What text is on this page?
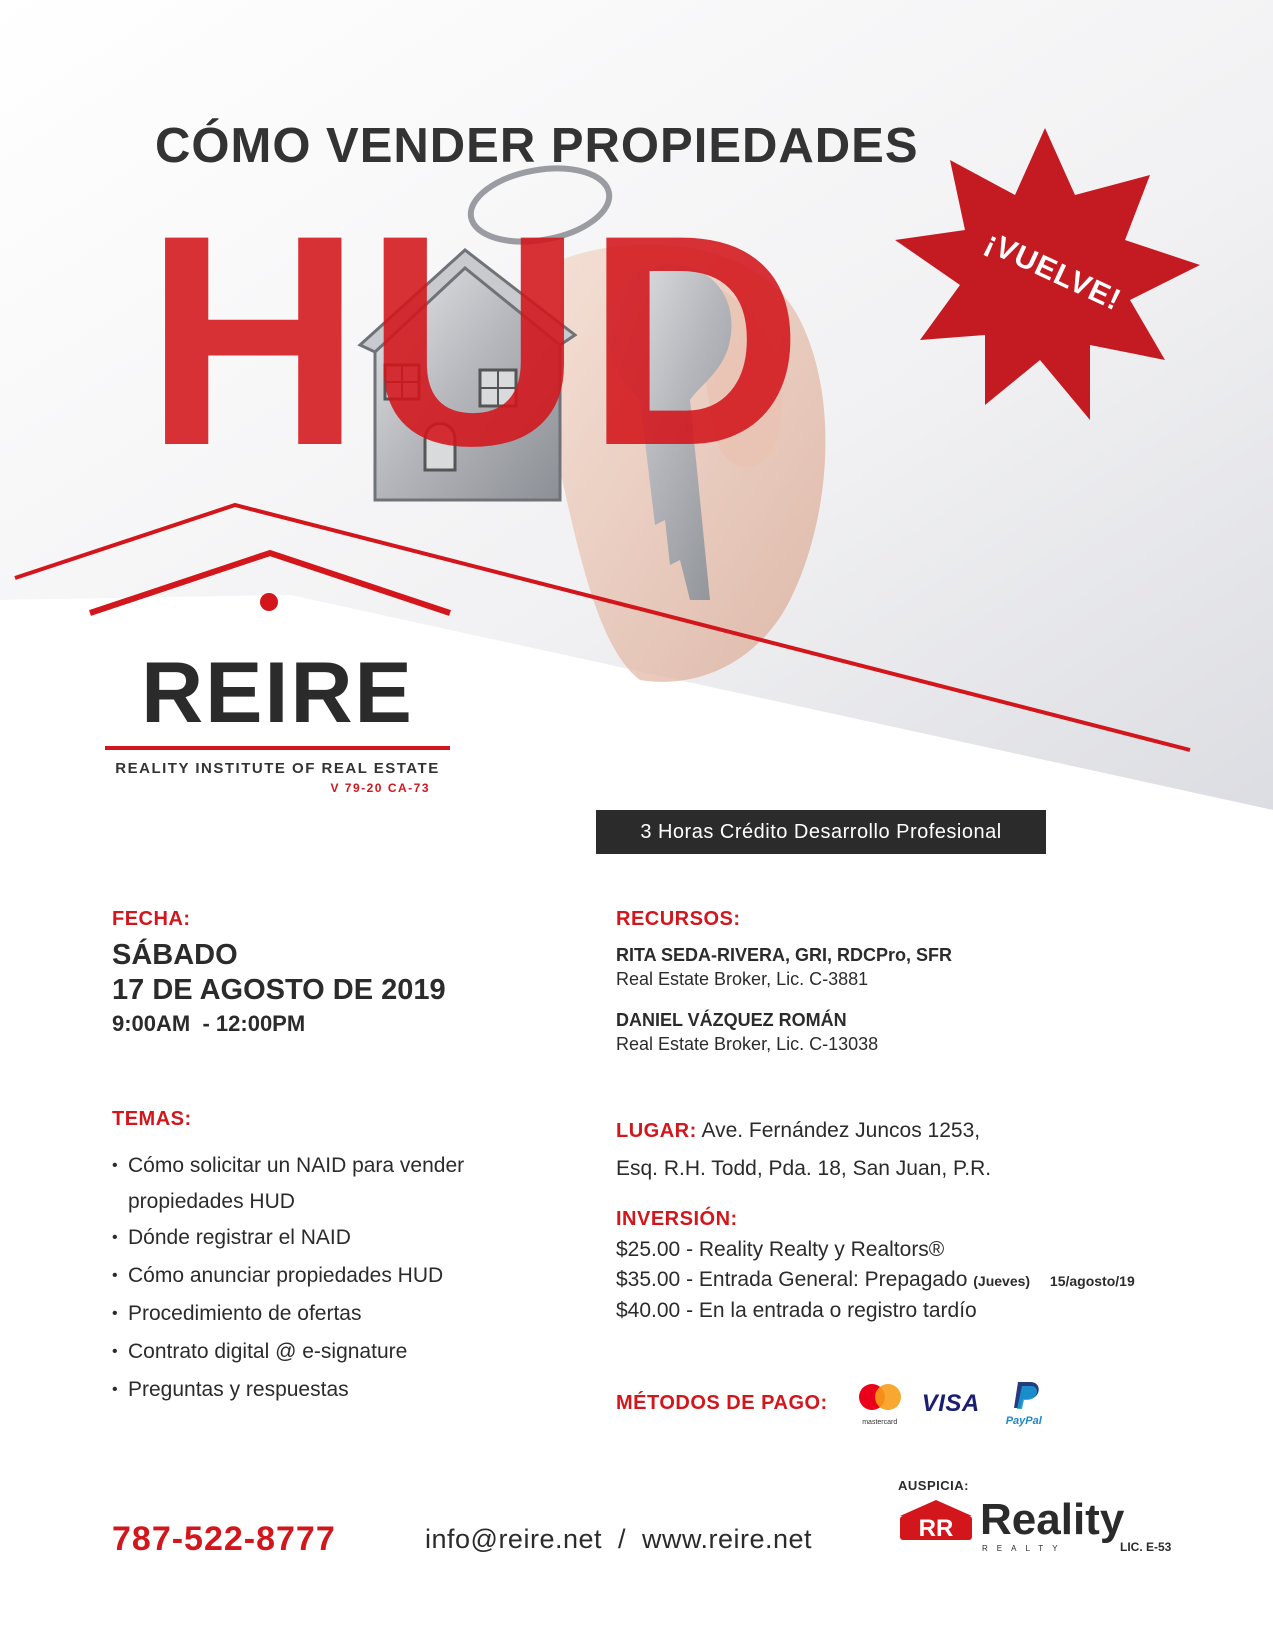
CÓMO VENDER PROPIEDADES
HUD	¡VUELVE!
REIRE
REALITY INSTITUTE OF REAL ESTATE
V 79-20 CA-73
3 Horas Crédito Desarrollo Profesional
FECHA:
SÁBADO
17 DE AGOSTO DE 2019
9:00AM  - 12:00PM
TEMAS:
• Cómo solicitar un NAID para vender
propiedades HUD
• Dónde registrar el NAID
• Cómo anunciar propiedades HUD
• Procedimiento de ofertas
• Contrato digital @ e-signature
• Preguntas y respuestas
RECURSOS:
RITA SEDA-RIVERA, GRI, RDCPro, SFR
Real Estate Broker, Lic. C-3881
DANIEL VÁZQUEZ ROMÁN
Real Estate Broker, Lic. C-13038
LUGAR: Ave. Fernández Juncos 1253,
Esq. R.H. Todd, Pda. 18, San Juan, P.R.
INVERSIÓN:
$25.00 - Reality Realty y Realtors®
$35.00 - Entrada General: Prepagado (Jueves) 15/agosto/19
$40.00 - En la entrada o registro tardío
MÉTODOS DE PAGO:
mastercard
VISA
PayPal
787-522-8777	info@reire.net  /  www.reire.net
AUSPICIA:
RR Reality
REALTY	LIC. E-53
